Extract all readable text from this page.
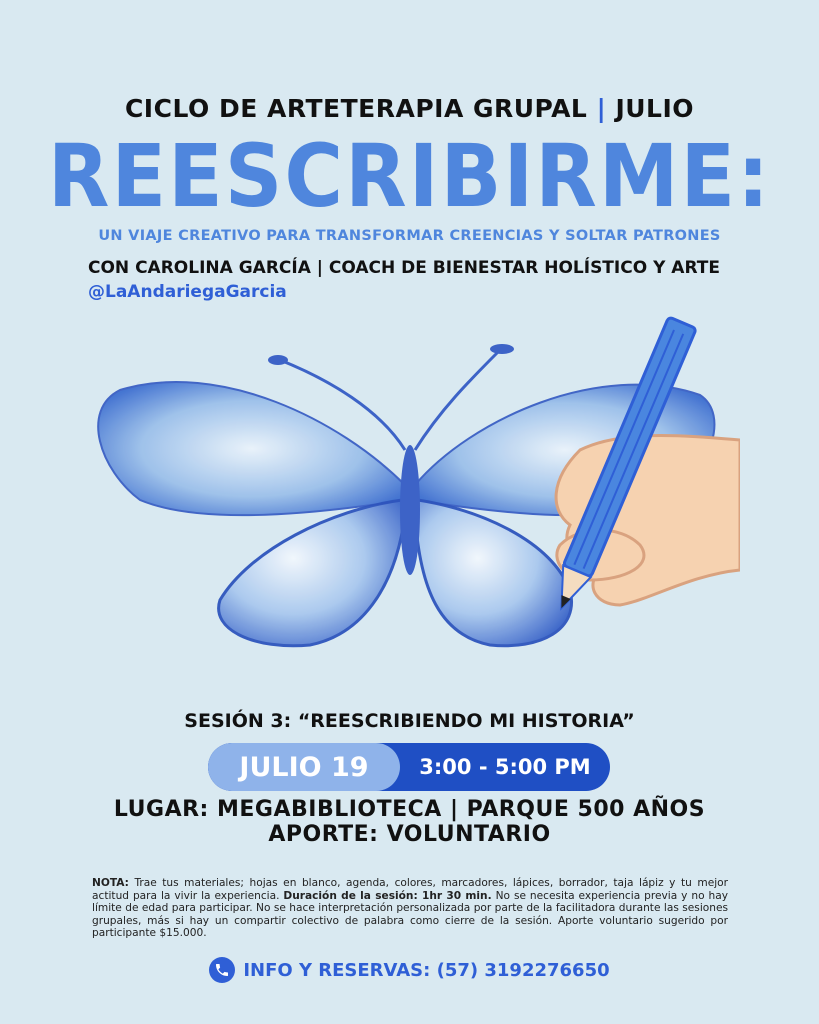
CICLO DE ARTETERAPIA GRUPAL | JULIO
REESCRIBIRME:
UN VIAJE CREATIVO PARA TRANSFORMAR CREENCIAS Y SOLTAR PATRONES
CON CAROLINA GARCÍA | COACH DE BIENESTAR HOLÍSTICO Y ARTE
@LaAndariegaGarcia
SESIÓN 3: “REESCRIBIENDO MI HISTORIA”
JULIO 19	3:00 - 5:00 PM
LUGAR: MEGABIBLIOTECA | PARQUE 500 AÑOS
APORTE: VOLUNTARIO
NOTA: Trae tus materiales; hojas en blanco, agenda, colores, marcadores, lápices, borrador, taja lápiz y tu mejor actitud para la vivir la experiencia. Duración de la sesión: 1hr 30 min. No se necesita experiencia previa y no hay límite de edad para participar. No se hace interpretación personalizada por parte de la facilitadora durante las sesiones grupales, más si hay un compartir colectivo de palabra como cierre de la sesión. Aporte voluntario sugerido por participante $15.000.
INFO Y RESERVAS: (57) 3192276650
